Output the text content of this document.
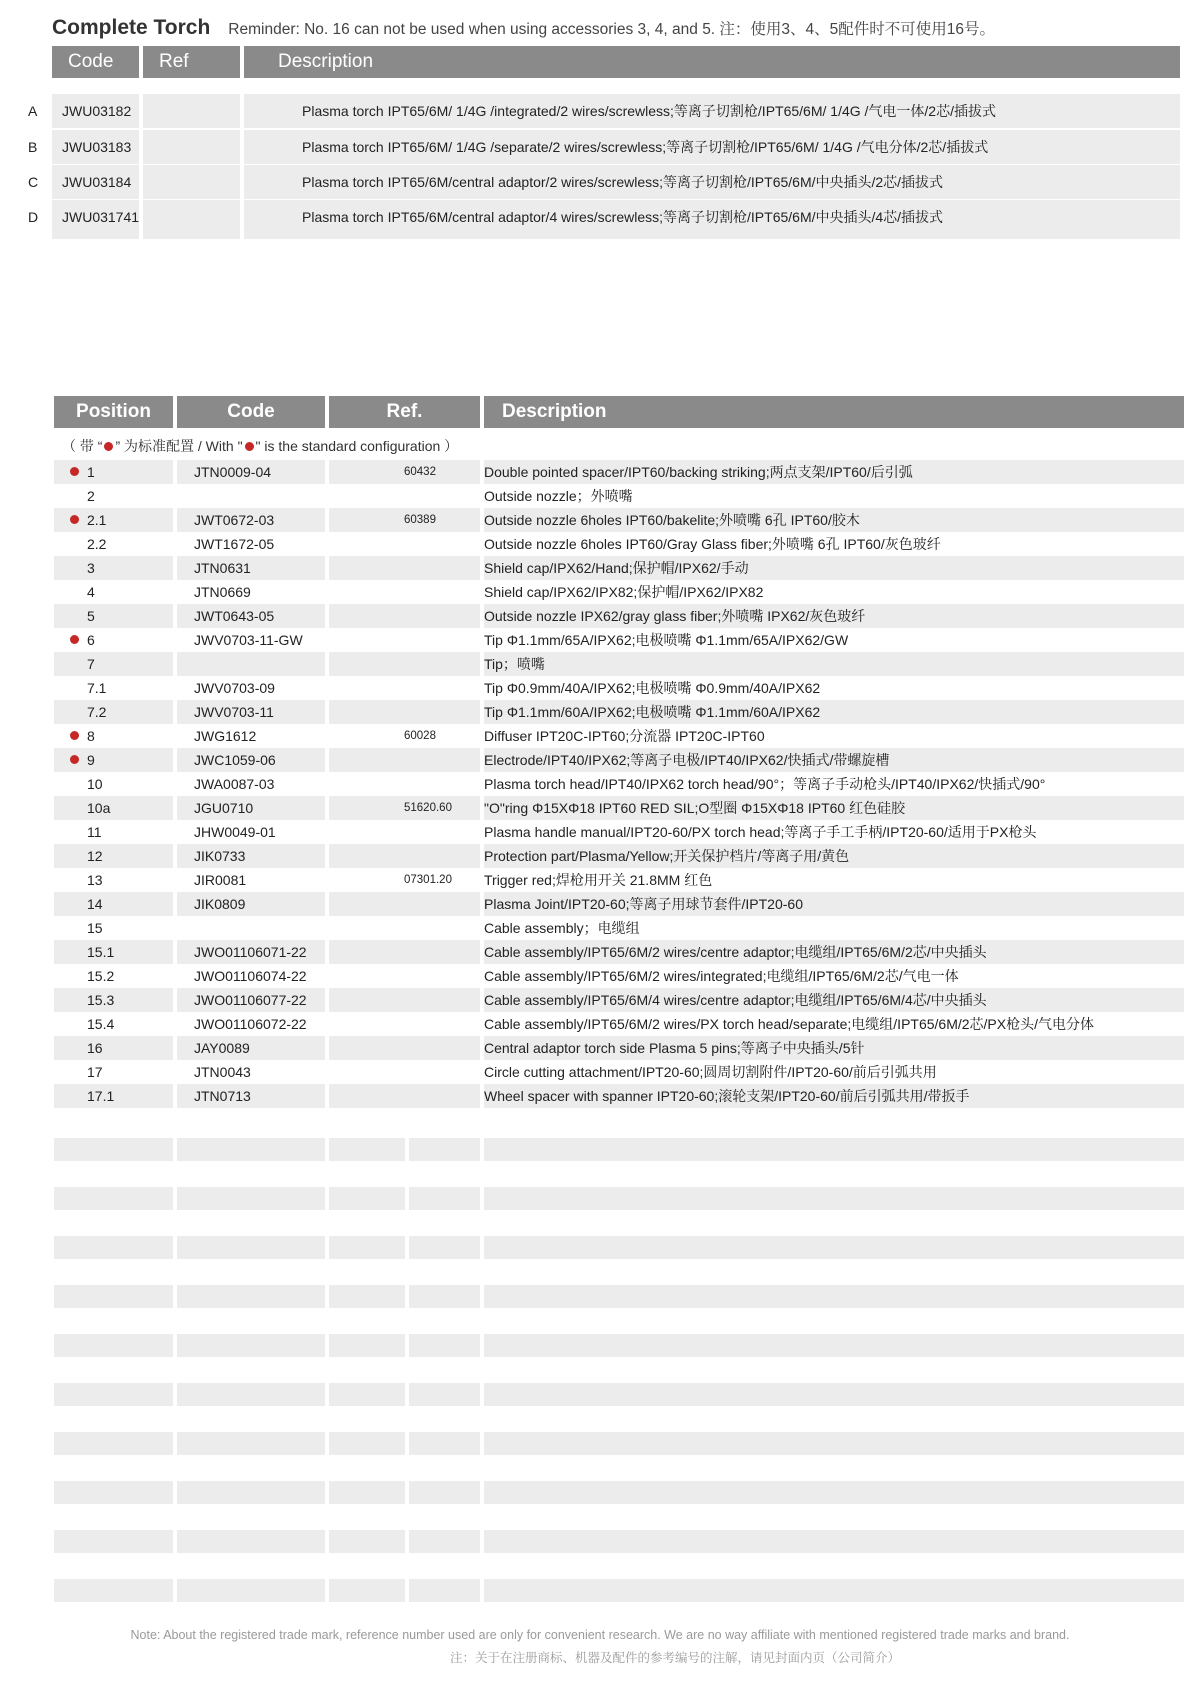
Complete Torch Reminder: No. 16 can not be used when using accessories 3, 4, and 5. 注：使用3、4、5配件时不可使用16号。
Code	Ref	Description
A	JWU03182	Plasma torch IPT65/6M/ 1/4G /integrated/2 wires/screwless;等离子切割枪/IPT65/6M/ 1/4G /气电一体/2芯/插拔式
B	JWU03183	Plasma torch IPT65/6M/ 1/4G /separate/2 wires/screwless;等离子切割枪/IPT65/6M/ 1/4G /气电分体/2芯/插拔式
C	JWU03184	Plasma torch IPT65/6M/central adaptor/2 wires/screwless;等离子切割枪/IPT65/6M/中央插头/2芯/插拔式
D	JWU031741	Plasma torch IPT65/6M/central adaptor/4 wires/screwless;等离子切割枪/IPT65/6M/中央插头/4芯/插拔式
Position	Code	Ref.	Description
（ 带 “ ” 为标准配置 / With " " is the standard configuration ）
1	JTN0009-04	60432	Double pointed spacer/IPT60/backing striking;两点支架/IPT60/后引弧
2	Outside nozzle；外喷嘴
2.1	JWT0672-03	60389	Outside nozzle 6holes IPT60/bakelite;外喷嘴 6孔 IPT60/胶木
2.2	JWT1672-05	Outside nozzle 6holes IPT60/Gray Glass fiber;外喷嘴 6孔 IPT60/灰色玻纤
3	JTN0631	Shield cap/IPX62/Hand;保护帽/IPX62/手动
4	JTN0669	Shield cap/IPX62/IPX82;保护帽/IPX62/IPX82
5	JWT0643-05	Outside nozzle IPX62/gray glass fiber;外喷嘴 IPX62/灰色玻纤
6	JWV0703-11-GW	Tip Φ1.1mm/65A/IPX62;电极喷嘴 Φ1.1mm/65A/IPX62/GW
7	Tip；喷嘴
7.1	JWV0703-09	Tip Φ0.9mm/40A/IPX62;电极喷嘴 Φ0.9mm/40A/IPX62
7.2	JWV0703-11	Tip Φ1.1mm/60A/IPX62;电极喷嘴 Φ1.1mm/60A/IPX62
8	JWG1612	60028	Diffuser IPT20C-IPT60;分流器 IPT20C-IPT60
9	JWC1059-06	Electrode/IPT40/IPX62;等离子电极/IPT40/IPX62/快插式/带螺旋槽
10	JWA0087-03	Plasma torch head/IPT40/IPX62 torch head/90°；等离子手动枪头/IPT40/IPX62/快插式/90°
10a	JGU0710	51620.60 "O"ring Φ15XΦ18 IPT60 RED SIL;O型圈 Φ15XΦ18 IPT60 红色硅胶
11	JHW0049-01	Plasma handle manual/IPT20-60/PX torch head;等离子手工手柄/IPT20-60/适用于PX枪头
12	JIK0733	Protection part/Plasma/Yellow;开关保护档片/等离子用/黄色
13	JIR0081	07301.20 Trigger red;焊枪用开关 21.8MM 红色
14	JIK0809	Plasma Joint/IPT20-60;等离子用球节套件/IPT20-60
15	Cable assembly；电缆组
15.1	JWO01106071-22	Cable assembly/IPT65/6M/2 wires/centre adaptor;电缆组/IPT65/6M/2芯/中央插头
15.2	JWO01106074-22	Cable assembly/IPT65/6M/2 wires/integrated;电缆组/IPT65/6M/2芯/气电一体
15.3	JWO01106077-22	Cable assembly/IPT65/6M/4 wires/centre adaptor;电缆组/IPT65/6M/4芯/中央插头
15.4	JWO01106072-22	Cable assembly/IPT65/6M/2 wires/PX torch head/separate;电缆组/IPT65/6M/2芯/PX枪头/气电分体
16	JAY0089	Central adaptor torch side Plasma 5 pins;等离子中央插头/5针
17	JTN0043	Circle cutting attachment/IPT20-60;圆周切割附件/IPT20-60/前后引弧共用
17.1	JTN0713	Wheel spacer with spanner IPT20-60;滚轮支架/IPT20-60/前后引弧共用/带扳手
Note: About the registered trade mark, reference number used are only for convenient research. We are no way affiliate with mentioned registered trade marks and brand.
注：关于在注册商标、机器及配件的参考编号的注解，请见封面内页（公司简介）
